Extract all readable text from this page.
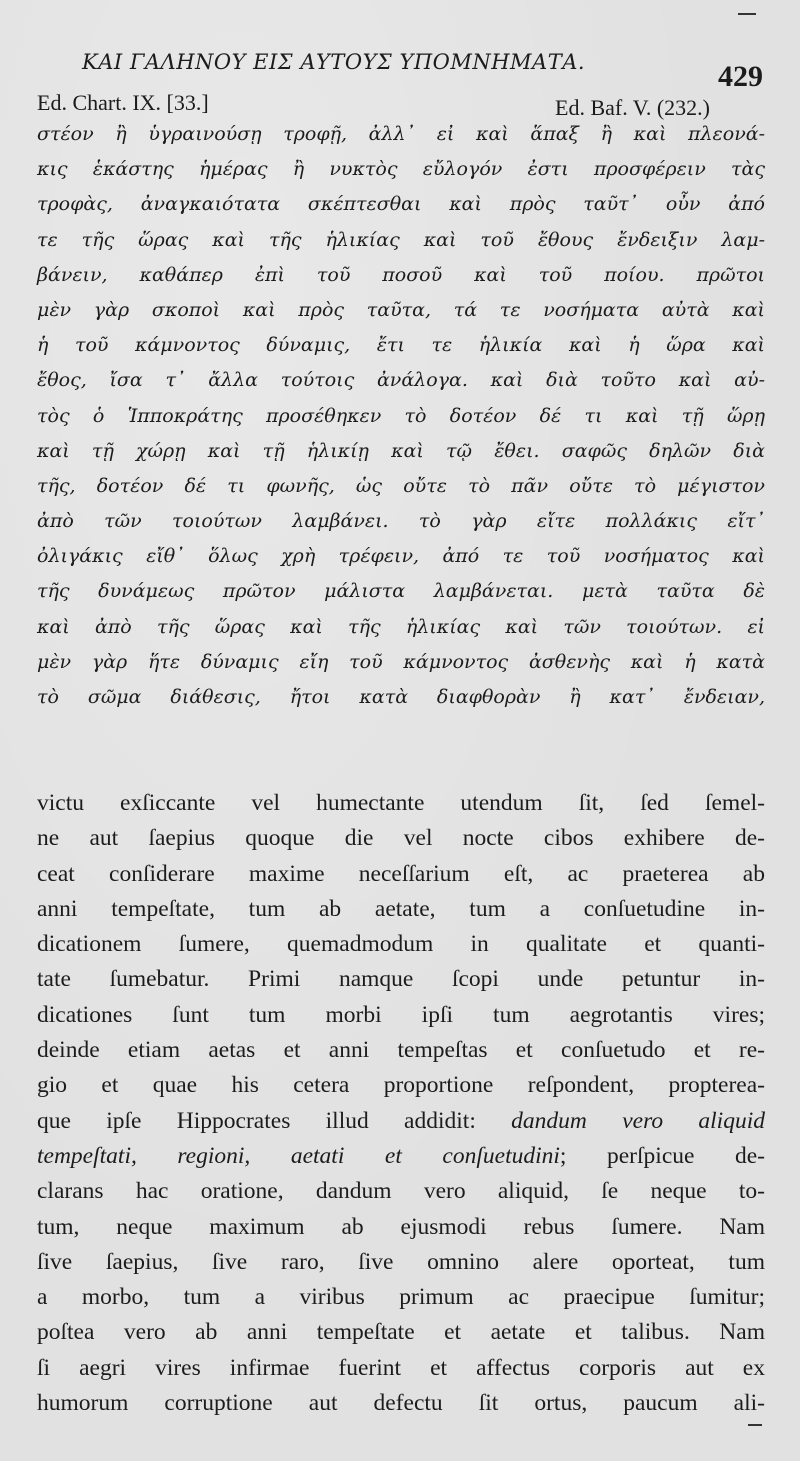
ΚΑΙ ΓΑΛΗΝΟΥ ΕΙΣ ΑΥΤΟΥΣ ΥΠΟΜΝΗΜΑΤΑ.	429
Ed. Chart. IX. [33.]	Ed. Baf. V. (232.)
στέον ἢ ὑγραινούσῃ τροφῇ, ἀλλ᾽ εἰ καὶ ἅπαξ ἢ καὶ πλεονά-
κις ἑκάστης ἡμέρας ἢ νυκτὸς εὔλογόν ἐστι προσφέρειν τὰς
τροφὰς, ἀναγκαιότατα σκέπτεσθαι καὶ πρὸς ταῦτ᾽ οὖν ἀπό
τε τῆς ὥρας καὶ τῆς ἡλικίας καὶ τοῦ ἔθους ἔνδειξιν λαμ-
βάνειν, καθάπερ ἐπὶ τοῦ ποσοῦ καὶ τοῦ ποίου. πρῶτοι
μὲν γὰρ σκοποὶ καὶ πρὸς ταῦτα, τά τε νοσήματα αὐτὰ καὶ
ἡ τοῦ κάμνοντος δύναμις, ἔτι τε ἡλικία καὶ ἡ ὥρα καὶ
ἔθος, ἴσα τ᾽ ἄλλα τούτοις ἀνάλογα. καὶ διὰ τοῦτο καὶ αὐ-
τὸς ὁ Ἱπποκράτης προσέθηκεν τὸ δοτέον δέ τι καὶ τῇ ὥρῃ
καὶ τῇ χώρῃ καὶ τῇ ἡλικίῃ καὶ τῷ ἔθει. σαφῶς δηλῶν διὰ
τῆς, δοτέον δέ τι φωνῆς, ὡς οὔτε τὸ πᾶν οὔτε τὸ μέγιστον
ἀπὸ τῶν τοιούτων λαμβάνει. τὸ γὰρ εἴτε πολλάκις εἴτ᾽
ὀλιγάκις εἴθ᾽ ὅλως χρὴ τρέφειν, ἀπό τε τοῦ νοσήματος καὶ
τῆς δυνάμεως πρῶτον μάλιστα λαμβάνεται. μετὰ ταῦτα δὲ
καὶ ἀπὸ τῆς ὥρας καὶ τῆς ἡλικίας καὶ τῶν τοιούτων. εἰ
μὲν γὰρ ἥτε δύναμις εἴη τοῦ κάμνοντος ἀσθενὴς καὶ ἡ κατὰ
τὸ σῶμα διάθεσις, ἤτοι κατὰ διαφθορὰν ἢ κατ᾽ ἔνδειαν,
victu exſiccante vel humectante utendum ſit, ſed ſemel-
ne aut ſaepius quoque die vel nocte cibos exhibere de-
ceat conſiderare maxime neceſſarium eſt, ac praeterea ab
anni tempeſtate, tum ab aetate, tum a conſuetudine in-
dicationem ſumere, quemadmodum in qualitate et quanti-
tate ſumebatur. Primi namque ſcopi unde petuntur in-
dicationes ſunt tum morbi ipſi tum aegrotantis vires;
deinde etiam aetas et anni tempeſtas et conſuetudo et re-
gio et quae his cetera proportione reſpondent, propterea-
que ipſe Hippocrates illud addidit: dandum vero aliquid
tempeſtati, regioni, aetati et conſuetudini; perſpicue de-
clarans hac oratione, dandum vero aliquid, ſe neque to-
tum, neque maximum ab ejusmodi rebus ſumere. Nam
ſive ſaepius, ſive raro, ſive omnino alere oporteat, tum
a morbo, tum a viribus primum ac praecipue ſumitur;
poſtea vero ab anni tempeſtate et aetate et talibus. Nam
ſi aegri vires infirmae fuerint et affectus corporis aut ex
humorum corruptione aut defectu ſit ortus, paucum ali-
